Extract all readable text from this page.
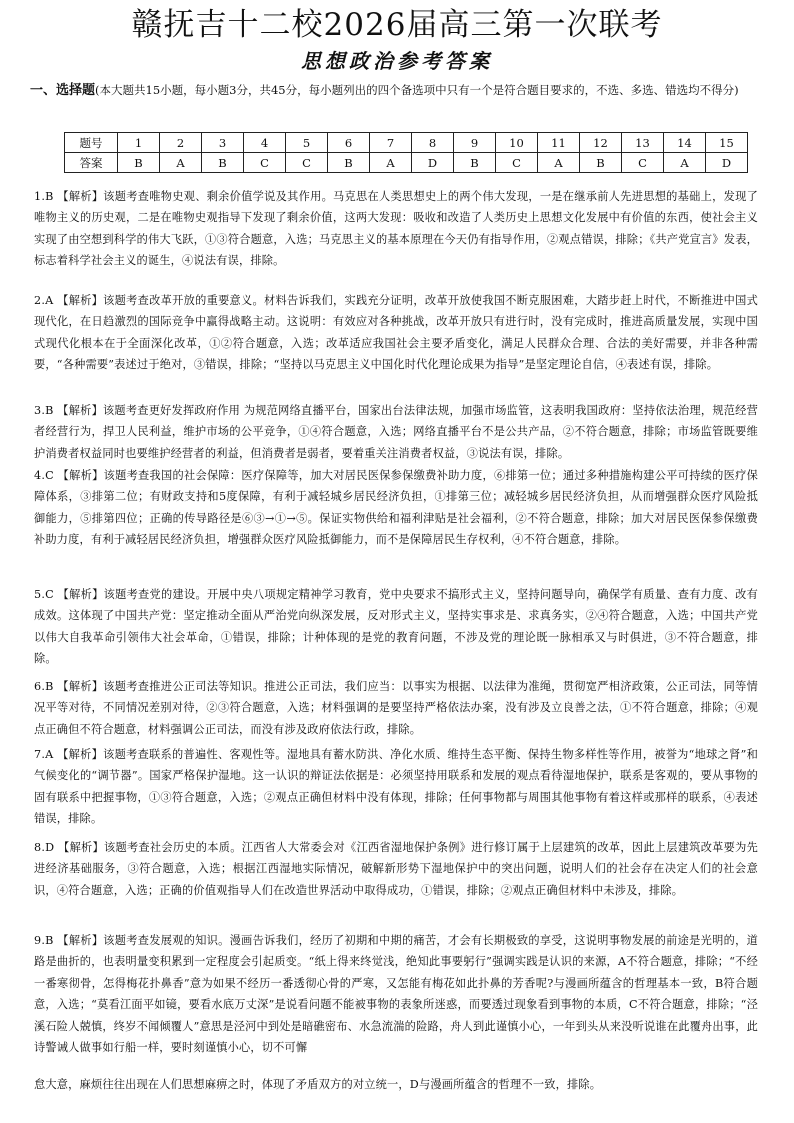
赣抚吉十二校2026届高三第一次联考
思想政治参考答案
一、选择题(本大题共15小题，每小题3分，共45分，每小题列出的四个备选项中只有一个是符合题目要求的，不选、多选、错选均不得分)
题号	1	2	3	4	5	6	7	8	9	10	11	12	13	14	15
答案	B	A	B	C	C	B	A	D	B	C	A	B	C	A	D
1.B 【解析】该题考查唯物史观、剩余价值学说及其作用。马克思在人类思想史上的两个伟大发现，一是在继承前人先进思想的基础上，发现了唯物主义的历史观，二是在唯物史观指导下发现了剩余价值，这两大发现：吸收和改造了人类历史上思想文化发展中有价值的东西，使社会主义实现了由空想到科学的伟大飞跃，①③符合题意，入选；马克思主义的基本原理在今天仍有指导作用，②观点错误，排除；《共产党宣言》发表，标志着科学社会主义的诞生，④说法有误，排除。
2.A 【解析】该题考查改革开放的重要意义。材料告诉我们，实践充分证明，改革开放使我国不断克服困难，大踏步赶上时代，不断推进中国式现代化，在日趋激烈的国际竞争中赢得战略主动。这说明：有效应对各种挑战，改革开放只有进行时，没有完成时，推进高质量发展，实现中国式现代化根本在于全面深化改革，①②符合题意，入选；改革适应我国社会主要矛盾变化，满足人民群众合理、合法的美好需要，并非各种需要，“各种需要”表述过于绝对，③错误，排除；“坚持以马克思主义中国化时代化理论成果为指导”是坚定理论自信，④表述有误，排除。
3.B 【解析】该题考查更好发挥政府作用 为规范网络直播平台，国家出台法律法规，加强市场监管，这表明我国政府：坚持依法治理，规范经营者经营行为，捍卫人民利益，维护市场的公平竞争，①④符合题意，入选；网络直播平台不是公共产品，②不符合题意，排除；市场监管既要维护消费者权益同时也要维护经营者的利益，但消费者是弱者，要着重关注消费者权益，③说法有误，排除。
4.C 【解析】该题考查我国的社会保障：医疗保障等，加大对居民医保参保缴费补助力度，⑥排第一位；通过多种措施构建公平可持续的医疗保障体系，③排第二位；有财政支持和5度保障，有利于减轻城乡居民经济负担，①排第三位；减轻城乡居民经济负担，从而增强群众医疗风险抵御能力，⑤排第四位；正确的传导路径是⑥③→①→⑤。保证实物供给和福利津贴是社会福利，②不符合题意，排除；加大对居民医保参保缴费补助力度，有利于减轻居民经济负担，增强群众医疗风险抵御能力，而不是保障居民生存权利，④不符合题意，排除。
5.C 【解析】该题考查党的建设。开展中央八项规定精神学习教育，党中央要求不搞形式主义，坚持问题导向，确保学有质量、查有力度、改有成效。这体现了中国共产党：坚定推动全面从严治党向纵深发展，反对形式主义，坚持实事求是、求真务实，②④符合题意，入选；中国共产党以伟大自我革命引领伟大社会革命，①错误，排除；计种体现的是党的教育问题，不涉及党的理论既一脉相承又与时俱进，③不符合题意，排除。
6.B 【解析】该题考查推进公正司法等知识。推进公正司法，我们应当：以事实为根据、以法律为准绳，贯彻宽严相济政策，公正司法，同等情况平等对待，不同情况差别对待，②③符合题意，入选；材料强调的是要坚持严格依法办案，没有涉及立良善之法，①不符合题意，排除；④观点正确但不符合题意，材料强调公正司法，而没有涉及政府依法行政，排除。
7.A 【解析】该题考查联系的普遍性、客观性等。湿地具有蓄水防洪、净化水质、维持生态平衡、保持生物多样性等作用，被誉为“地球之肾”和气候变化的“调节器”。国家严格保护湿地。这一认识的辩证法依据是：必须坚持用联系和发展的观点看待湿地保护，联系是客观的，要从事物的固有联系中把握事物，①③符合题意，入选；②观点正确但材料中没有体现，排除；任何事物都与周围其他事物有着这样或那样的联系，④表述错误，排除。
8.D 【解析】该题考查社会历史的本质。江西省人大常委会对《江西省湿地保护条例》进行修订属于上层建筑的改革，因此上层建筑改革要为先进经济基础服务，③符合题意，入选；根据江西湿地实际情况，破解新形势下湿地保护中的突出问题，说明人们的社会存在决定人们的社会意识，④符合题意，入选；正确的价值观指导人们在改造世界活动中取得成功，①错误，排除；②观点正确但材料中未涉及，排除。
9.B 【解析】该题考查发展观的知识。漫画告诉我们，经历了初期和中期的痛苦，才会有长期极致的享受，这说明事物发展的前途是光明的，道路是曲折的，也表明量变积累到一定程度会引起质变。“纸上得来终觉浅，绝知此事要躬行”强调实践是认识的来源，A不符合题意，排除；“不经一番寒彻骨，怎得梅花扑鼻香”意为如果不经历一番透彻心骨的严寒，又怎能有梅花如此扑鼻的芳香呢?与漫画所蕴含的哲理基本一致，B符合题意，入选；“莫看江面平如镜，要看水底万丈深”是说看问题不能被事物的表象所迷惑，而要透过现象看到事物的本质，C不符合题意，排除；“泾溪石险人兢慎，终岁不闻倾覆人”意思是泾河中到处是暗礁密布、水急流湍的险路，舟人到此谨慎小心，一年到头从来没听说谁在此覆舟出事，此诗警诫人做事如行船一样，要时刻谨慎小心，切不可懈
怠大意，麻烦往往出现在人们思想麻痹之时，体现了矛盾双方的对立统一，D与漫画所蕴含的哲理不一致，排除。
